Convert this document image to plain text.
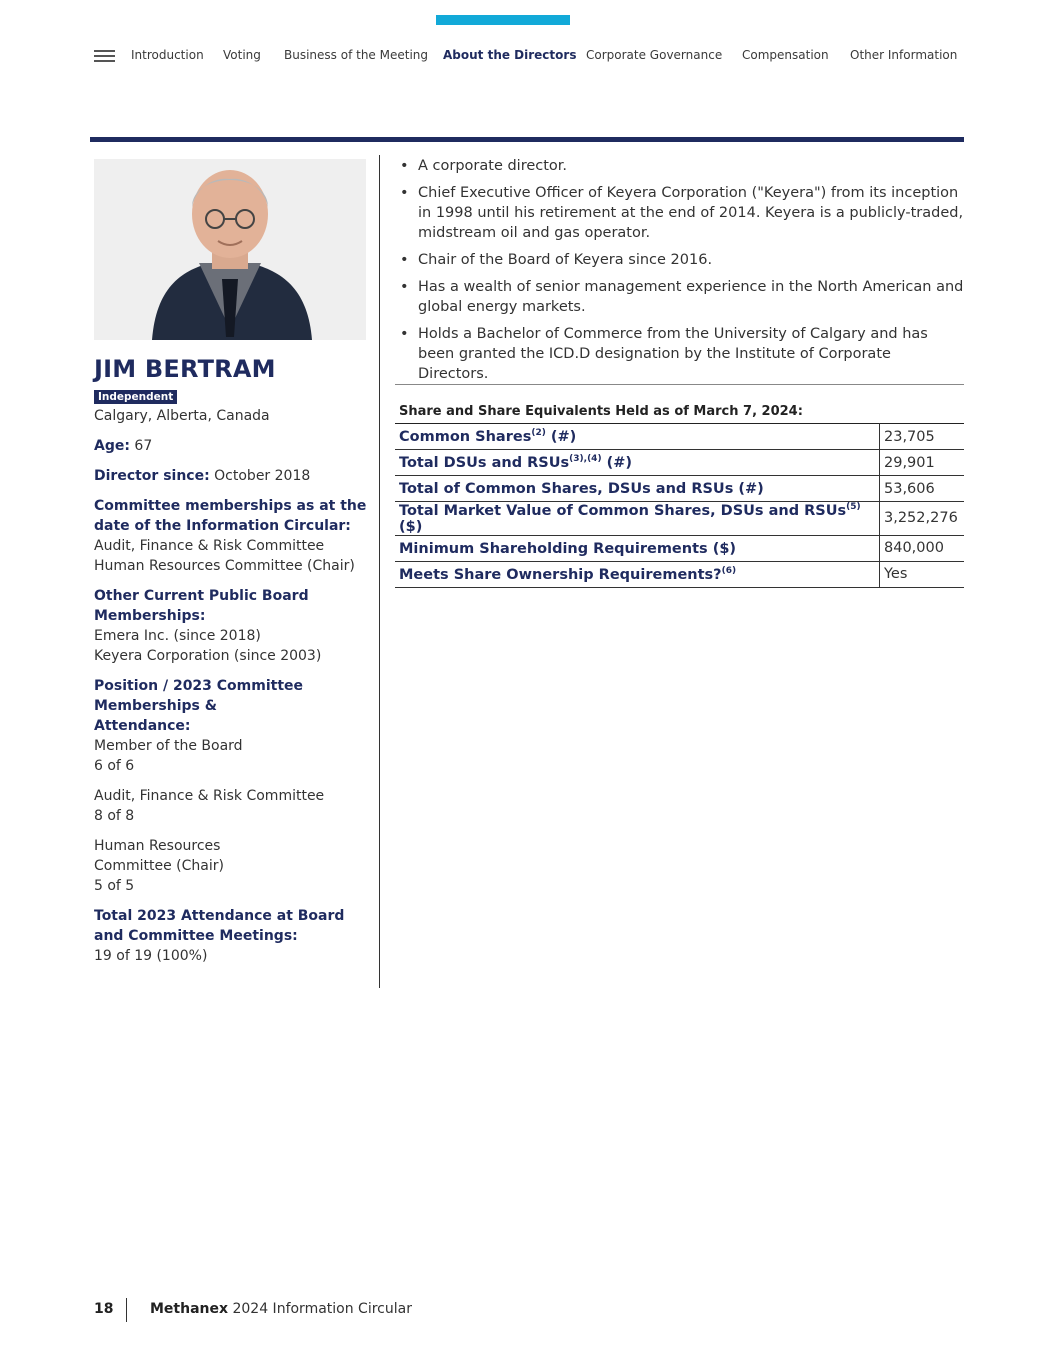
Introduction Voting Business of the Meeting About the Directors Corporate Governance Compensation Other Information
JIM BERTRAM
Independent
Calgary, Alberta, Canada
Age: 67
Director since: October 2018
Committee memberships as at the date of the Information Circular:
Audit, Finance & Risk Committee
Human Resources Committee (Chair)
Other Current Public Board Memberships:
Emera Inc. (since 2018)
Keyera Corporation (since 2003)
Position / 2023 Committee Memberships & Attendance:
Member of the Board
6 of 6
Audit, Finance & Risk Committee
8 of 8
Human Resources Committee (Chair)
5 of 5
Total 2023 Attendance at Board and Committee Meetings:
19 of 19 (100%)
• A corporate director.
• Chief Executive Officer of Keyera Corporation ("Keyera") from its inception in 1998 until his retirement at the end of 2014. Keyera is a publicly-traded, midstream oil and gas operator.
• Chair of the Board of Keyera since 2016.
• Has a wealth of senior management experience in the North American and global energy markets.
• Holds a Bachelor of Commerce from the University of Calgary and has been granted the ICD.D designation by the Institute of Corporate Directors.
Share and Share Equivalents Held as of March 7, 2024:
Common Shares$^{(2)}$ (#)	23,705
Total DSUs and RSUs$^{(3),(4)}$ (#)	29,901
Total of Common Shares, DSUs and RSUs (#)	53,606
Total Market Value of Common Shares, DSUs and RSUs$^{(5)}$ ($)	3,252,276
Minimum Shareholding Requirements ($)	840,000
Meets Share Ownership Requirements?$^{(6)}$	Yes
18	Methanex 2024 Information Circular
